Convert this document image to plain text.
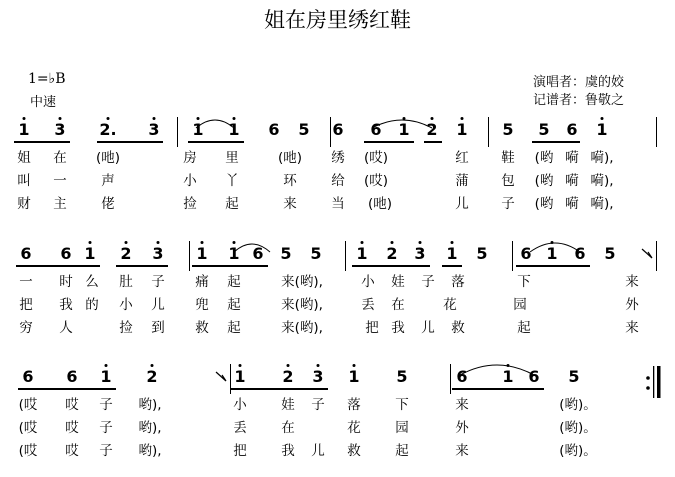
姐在房里绣红鞋
1=♭B
中速
演唱者：虞的姣
记谱者：鲁敬之
1 3 2. 3 1 1 6 5 6 6 1 2 1 5 5 6 1
姐 在 (吔)	房 里	(吔) 绣 (哎)	红 鞋 (哟 嗬 嗬),
叫 一	声	小 丫	环	给 (哎)	蒲 包 (哟 嗬 嗬),
财 主	佬	捡 起	来	当 (吔)	儿 子 (哟 嗬 嗬),
6 6 1 2 3 1 1 6 5 5 1 2 3 1 5 6 1 6 5
一 时 么 肚 子 痛 起	来(哟),	小 娃 子 落	下	来
把 我 的 小 儿 兜 起	来(哟),	丢 在	花	园	外
穷 人	捡 到 救 起	来(哟),	把 我 儿 救	起	来
6 6 1 2	1 2 3 1 5	6 1 6 5
(哎 哎 子 哟),	小	娃 子 落	下	来	(哟)。
(哎 哎 子 哟),	丢	在	花	园	外	(哟)。
(哎 哎 子 哟),	把	我 儿 救	起	来	(哟)。
